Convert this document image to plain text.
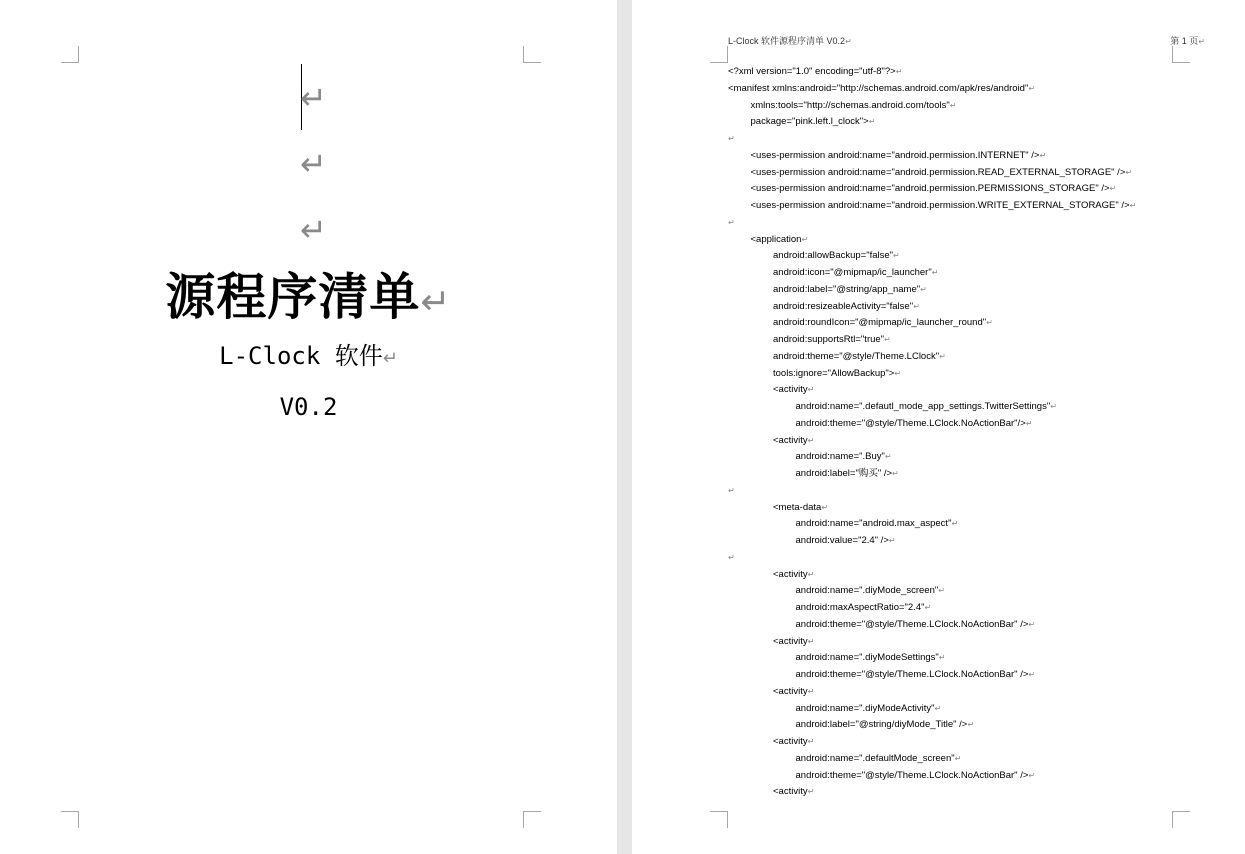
↵
↵
↵
源程序清单↵
L-Clock 软件↵
V0.2
L-Clock 软件源程序清单 V0.2↵	第 1 页↵
<?xml version="1.0" encoding="utf-8"?>↵
<manifest xmlns:android="http://schemas.android.com/apk/res/android"↵
xmlns:tools="http://schemas.android.com/tools"↵
package="pink.left.l_clock">↵
↵
<uses-permission android:name="android.permission.INTERNET" />↵
<uses-permission android:name="android.permission.READ_EXTERNAL_STORAGE" />↵
<uses-permission android:name="android.permission.PERMISSIONS_STORAGE" />↵
<uses-permission android:name="android.permission.WRITE_EXTERNAL_STORAGE" />↵
↵
<application↵
android:allowBackup="false"↵
android:icon="@mipmap/ic_launcher"↵
android:label="@string/app_name"↵
android:resizeableActivity="false"↵
android:roundIcon="@mipmap/ic_launcher_round"↵
android:supportsRtl="true"↵
android:theme="@style/Theme.LClock"↵
tools:ignore="AllowBackup">↵
<activity↵
android:name=".defautl_mode_app_settings.TwitterSettings"↵
android:theme="@style/Theme.LClock.NoActionBar"/>↵
<activity↵
android:name=".Buy"↵
android:label="购买" />↵
↵
<meta-data↵
android:name="android.max_aspect"↵
android:value="2.4" />↵
↵
<activity↵
android:name=".diyMode_screen"↵
android:maxAspectRatio="2.4"↵
android:theme="@style/Theme.LClock.NoActionBar" />↵
<activity↵
android:name=".diyModeSettings"↵
android:theme="@style/Theme.LClock.NoActionBar" />↵
<activity↵
android:name=".diyModeActivity"↵
android:label="@string/diyMode_Title" />↵
<activity↵
android:name=".defaultMode_screen"↵
android:theme="@style/Theme.LClock.NoActionBar" />↵
<activity↵
